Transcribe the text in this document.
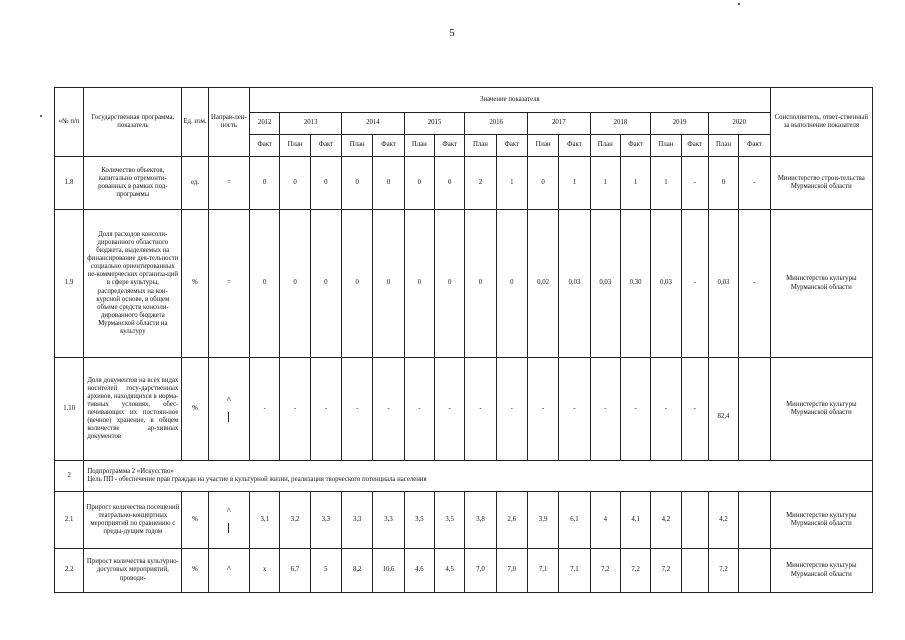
5
«№ п/п	Государственная программа, показатель	Ед. изм.	Направ-лен-ность	Значение показателя																	Соисполнитель, ответ-ственный за выполнение показателя
				2012	2013		2014		2015		2016		2017		2018		2019		2020		
				Факт	План	Факт	План	Факт	План	Факт	План	Факт	План	Факт	План	Факт	План	Факт	План	Факт	
1.8	Количество объектов, капитально отремонти-рованных в рамках под-программы	ед.	=	0	0	0	0	0	0	0	2	1	0	1	1	1	1	-	0	-	Министерство строи-тельства Мурманской области
1.9	Доля расходов консоли-дированного областного бюджета, выделяемых на финансирование дея-тельности социально ориентированных не-коммерческих организа-ций в сфере культуры, распределяемых на кон-курсной основе, в общем объеме средств консоли-дированного бюджета Мурманской области на культуру	%	=	0	0	0	0	0	0	0	0	0	0,02	0,03	0,03	0,30	0,03	-	0,03	-	Министерство культуры Мурманской области
1.10	Доля документов на всех видах носителей госу-дарственных архивов, находящихся в норма-тивных условиях, обес-печивающих их постоян-ное (вечное) хранение, в общем количестве ар-хивных документов	%	^	-	-	-	-	-	-	-	-	-	-	-	-	-	-	-	82,4		Министерство культуры Мурманской области
2	Подпрограмма 2 «Искусство»
Цель ПП - обеспечение прав граждан на участие в культурной жизни, реализация творческого потенциала населения																				

2.1	Прирост количества посещений театрально-концертных мероприятий по сравнению с преды-дущим годом	%	^	3,1	3,2	3,3	3,3	3,3	3,5	3,5	3,8	2,6	3,9	6,1	4	4,1	4,2		4,2		Министерство культуры Мурманской области
2.2	Прирост количества культурно-досуговых мероприятий, проводи-	%	^	x	6,7	5	8,2	10,6	4,6	4,5	7,0	7,0	7,1	7,1	7,2	7,2	7,2		7,2		Министерство культуры Мурманской области
